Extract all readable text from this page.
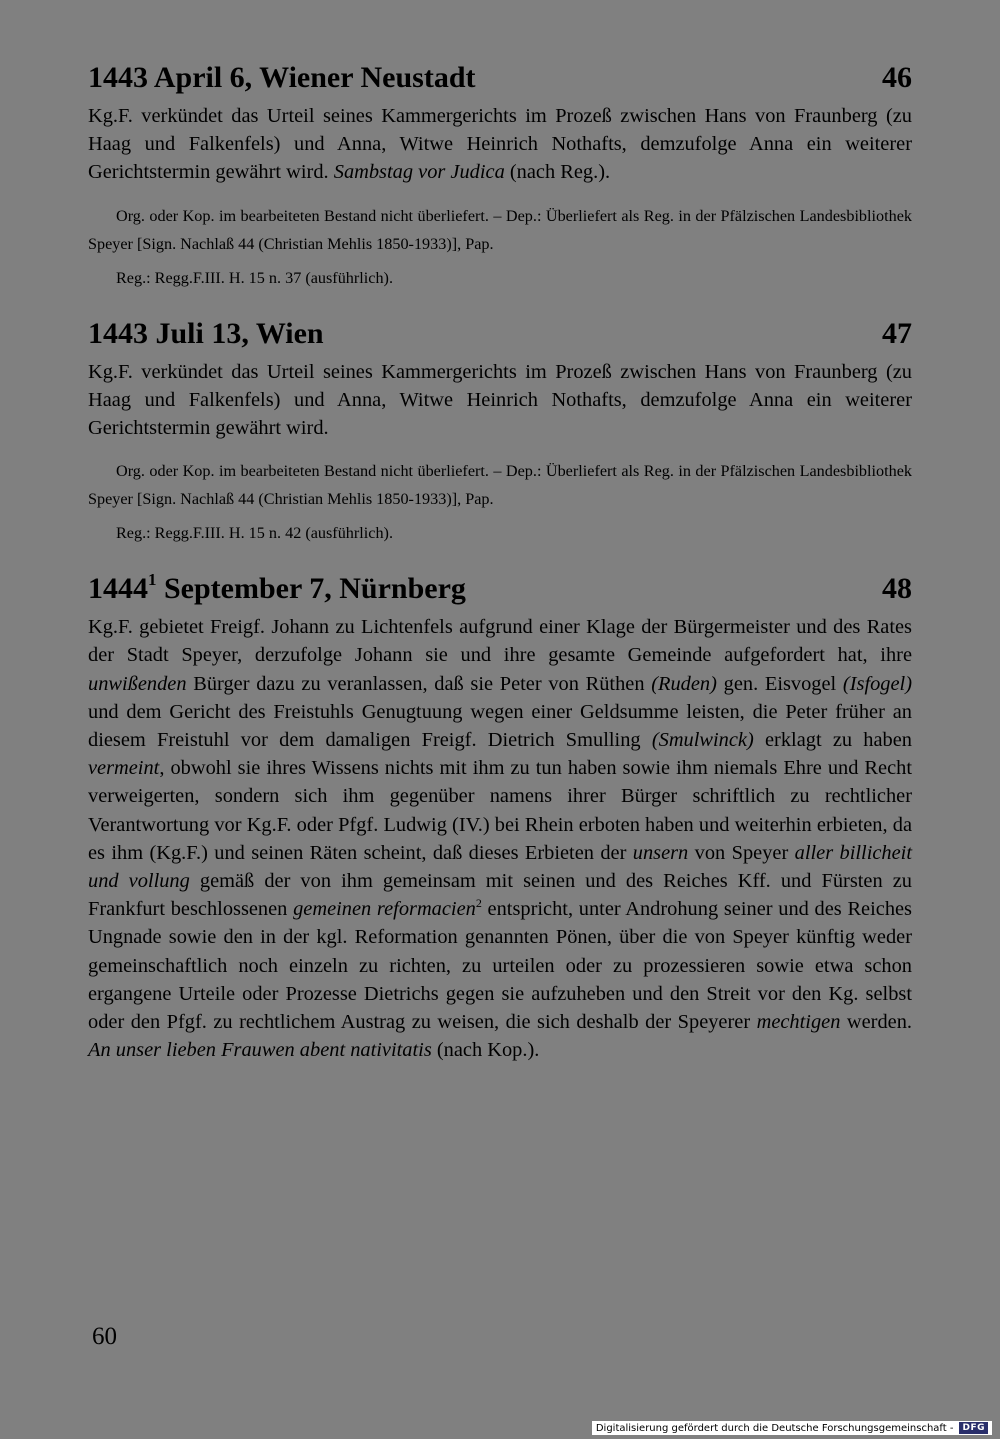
1443 April 6, Wiener Neustadt	46

Kg.F. verkündet das Urteil seines Kammergerichts im Prozeß zwischen Hans von Fraunberg (zu Haag und Falkenfels) und Anna, Witwe Heinrich Nothafts, demzufolge Anna ein weiterer Gerichtstermin gewährt wird. Sambstag vor Judica (nach Reg.).

Org. oder Kop. im bearbeiteten Bestand nicht überliefert. – Dep.: Überliefert als Reg. in der Pfälzischen Landesbibliothek Speyer [Sign. Nachlaß 44 (Christian Mehlis 1850-1933)], Pap.

Reg.: Regg.F.III. H. 15 n. 37 (ausführlich).

1443 Juli 13, Wien	47

Kg.F. verkündet das Urteil seines Kammergerichts im Prozeß zwischen Hans von Fraunberg (zu Haag und Falkenfels) und Anna, Witwe Heinrich Nothafts, demzufolge Anna ein weiterer Gerichtstermin gewährt wird.

Org. oder Kop. im bearbeiteten Bestand nicht überliefert. – Dep.: Überliefert als Reg. in der Pfälzischen Landesbibliothek Speyer [Sign. Nachlaß 44 (Christian Mehlis 1850-1933)], Pap.

Reg.: Regg.F.III. H. 15 n. 42 (ausführlich).

1444$^1$ September 7, Nürnberg	48

Kg.F. gebietet Freigf. Johann zu Lichtenfels aufgrund einer Klage der Bürgermeister und des Rates der Stadt Speyer, derzufolge Johann sie und ihre gesamte Gemeinde aufgefordert hat, ihre unwißenden Bürger dazu zu veranlassen, daß sie Peter von Rüthen (Ruden) gen. Eisvogel (Isfogel) und dem Gericht des Freistuhls Genugtuung wegen einer Geldsumme leisten, die Peter früher an diesem Freistuhl vor dem damaligen Freigf. Dietrich Smulling (Smulwinck) erklagt zu haben vermeint, obwohl sie ihres Wissens nichts mit ihm zu tun haben sowie ihm niemals Ehre und Recht verweigerten, sondern sich ihm gegenüber namens ihrer Bürger schriftlich zu rechtlicher Verantwortung vor Kg.F. oder Pfgf. Ludwig (IV.) bei Rhein erboten haben und weiterhin erbieten, da es ihm (Kg.F.) und seinen Räten scheint, daß dieses Erbieten der unsern von Speyer aller billicheit und vollung gemäß der von ihm gemeinsam mit seinen und des Reiches Kff. und Fürsten zu Frankfurt beschlossenen gemeinen reformacien$^2$ entspricht, unter Androhung seiner und des Reiches Ungnade sowie den in der kgl. Reformation genannten Pönen, über die von Speyer künftig weder gemeinschaftlich noch einzeln zu richten, zu urteilen oder zu prozessieren sowie etwa schon ergangene Urteile oder Prozesse Dietrichs gegen sie aufzuheben und den Streit vor den Kg. selbst oder den Pfgf. zu rechtlichem Austrag zu weisen, die sich deshalb der Speyerer mechtigen werden. An unser lieben Frauwen abent nativitatis (nach Kop.).

60
Digitalisierung gefördert durch die Deutsche Forschungsgemeinschaft -	DFG
